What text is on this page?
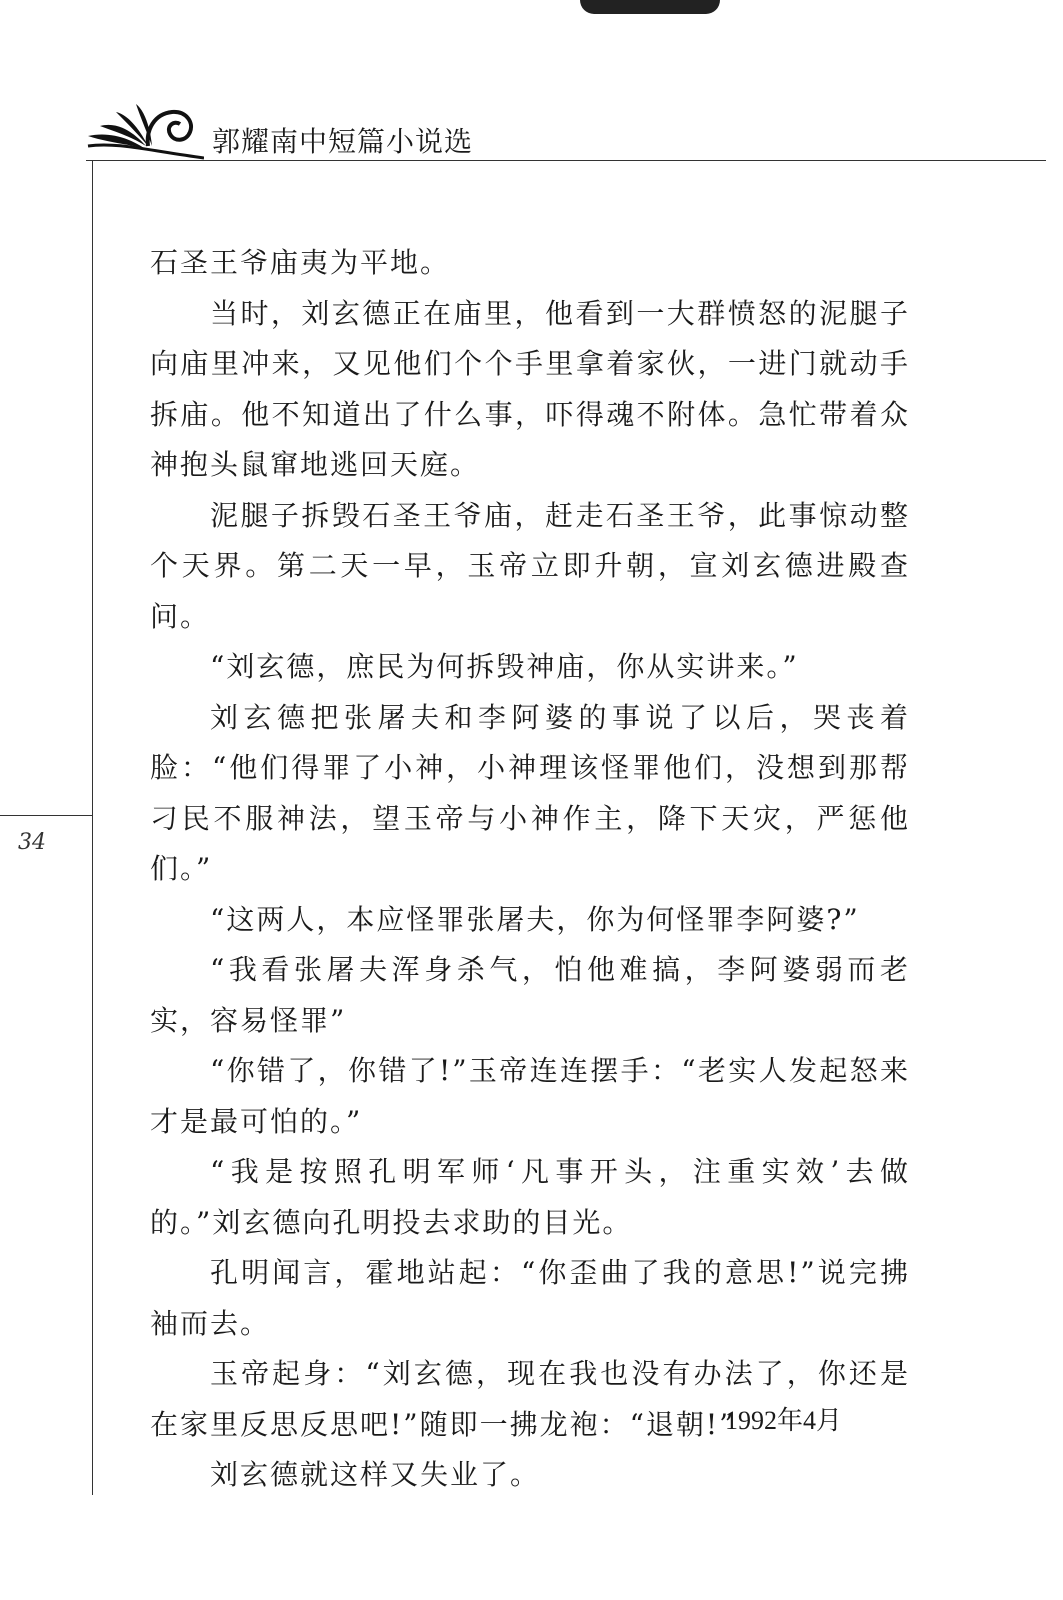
郭耀南中短篇小说选
34

石圣王爷庙夷为平地。

当时，刘玄德正在庙里，他看到一大群愤怒的泥腿子向庙里冲来，又见他们个个手里拿着家伙，一进门就动手拆庙。他不知道出了什么事，吓得魂不附体。急忙带着众神抱头鼠窜地逃回天庭。

泥腿子拆毁石圣王爷庙，赶走石圣王爷，此事惊动整个天界。第二天一早，玉帝立即升朝，宣刘玄德进殿查问。

“刘玄德，庶民为何拆毁神庙，你从实讲来。”

刘玄德把张屠夫和李阿婆的事说了以后，哭丧着脸：“他们得罪了小神，小神理该怪罪他们，没想到那帮刁民不服神法，望玉帝与小神作主，降下天灾，严惩他们。”

“这两人，本应怪罪张屠夫，你为何怪罪李阿婆?”

“我看张屠夫浑身杀气，怕他难搞，李阿婆弱而老实，容易怪罪”

“你错了，你错了!”玉帝连连摆手：“老实人发起怒来才是最可怕的。”

“我是按照孔明军师‘凡事开头，注重实效’去做的。”刘玄德向孔明投去求助的目光。

孔明闻言，霍地站起：“你歪曲了我的意思!”说完拂袖而去。

玉帝起身：“刘玄德，现在我也没有办法了，你还是在家里反思反思吧!”随即一拂龙袍：“退朝!”

刘玄德就这样又失业了。

1992年4月
